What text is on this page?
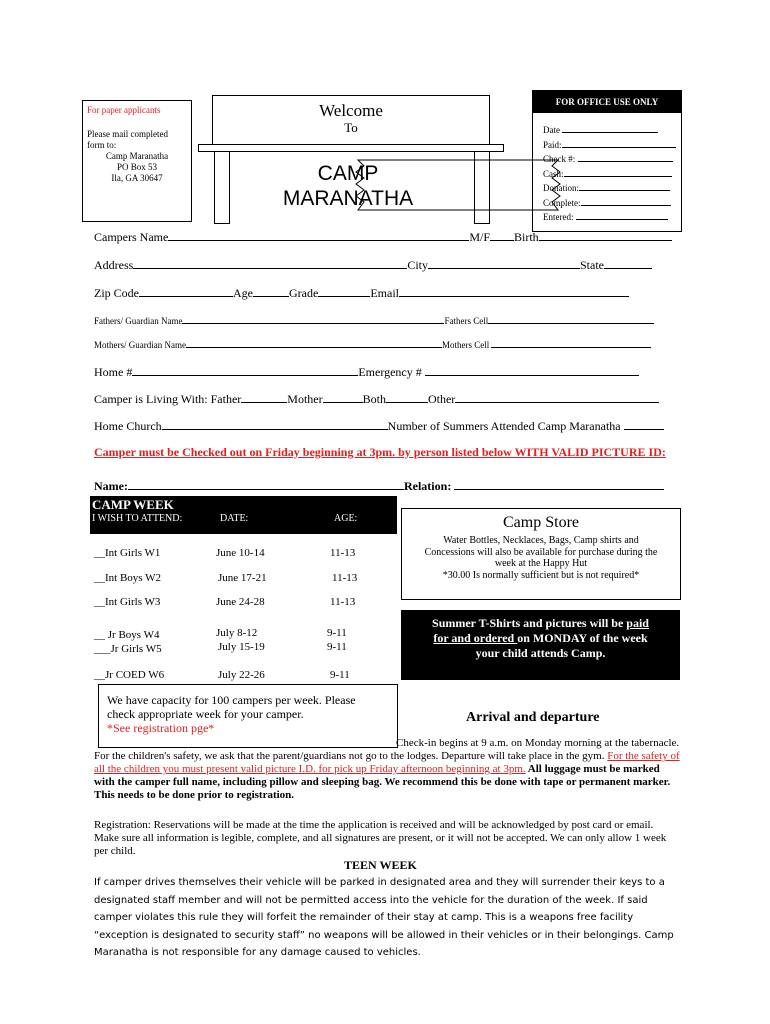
For paper applicants
Please mail completed
form to:
Camp Maranatha
PO Box 53
Ila, GA 30647
Welcome
To
CAMP
MARANATHA
FOR OFFICE USE ONLY
Date
Paid:
Check #:
Cash:
Donation:
Complete:
Entered:
Campers Name	M/F Birth
Address	City	State
Zip Code	Age	Grade	Email
Fathers/ Guardian Name	Fathers Cell
Mothers/ Guardian Name	Mothers Cell
Home #	Emergency #
Camper is Living With: Father	Mother	Both	Other
Home Church	Number of Summers Attended Camp Maranatha
Camper must be Checked out on Friday beginning at 3pm. by person listed below WITH VALID PICTURE ID:
Name:	Relation:
CAMP WEEK
I WISH TO ATTEND:	DATE:	AGE:
__Int Girls W1	June 10-14	11-13
__Int Boys W2	June 17-21	11-13
__Int Girls W3	June 24-28	11-13
__ Jr Boys W4	July 8-12	9-11
___Jr Girls W5	July 15-19	9-11
__Jr COED W6	July 22-26	9-11
We have capacity for 100 campers per week. Please
check appropriate week for your camper.
*See registration pge*
Camp Store
Water Bottles, Necklaces, Bags, Camp shirts and
Concessions will also be available for purchase during the
week at the Happy Hut
*30.00 Is normally sufficient but is not required*
Summer T-Shirts and pictures will be paid
for and ordered on MONDAY of the week
your child attends Camp.
Arrival and departure
Check-in begins at 9 a.m. on Monday morning at the tabernacle. For the children's safety, we ask that the parent/guardians not go to the lodges. Departure will take place in the gym. For the safety of all the children you must present valid picture I.D. for pick up Friday afternoon beginning at 3pm. All luggage must be marked with the camper full name, including pillow and sleeping bag. We recommend this be done with tape or permanent marker. This needs to be done prior to registration.
Registration: Reservations will be made at the time the application is received and will be acknowledged by post card or email. Make sure all information is legible, complete, and all signatures are present, or it will not be accepted. We can only allow 1 week per child.
TEEN WEEK
If camper drives themselves their vehicle will be parked in designated area and they will surrender their keys to a designated staff member and will not be permitted access into the vehicle for the duration of the week. If said camper violates this rule they will forfeit the remainder of their stay at camp. This is a weapons free facility “exception is designated to security staff” no weapons will be allowed in their vehicles or in their belongings. Camp Maranatha is not responsible for any damage caused to vehicles.
